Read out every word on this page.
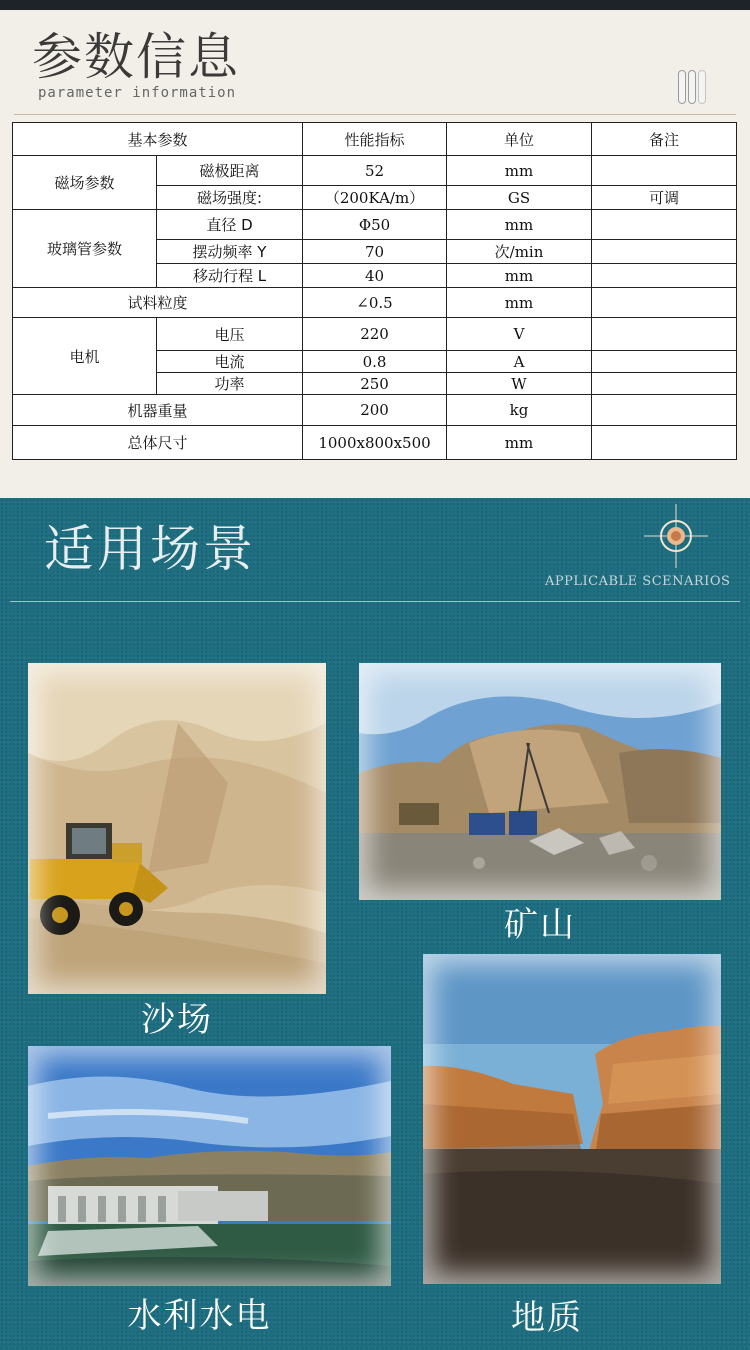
参数信息
parameter information
基本参数		性能指标	单位	备注
磁场参数	磁极距离	52	mm	
	磁场强度:	（200KA/m）	GS	可调
玻璃管参数	直径 D	Φ50	mm	
	摆动频率 Y	70	次/min	
	移动行程 L	40	mm	
试料粒度		∠0.5	mm	
电机	电压	220	V	
	电流	0.8	A	
	功率	250	W	
机器重量		200	kg	
总体尺寸		1000x800x500	mm	
适用场景
APPLICABLE SCENARIOS
沙场
矿山
地质
水利水电
